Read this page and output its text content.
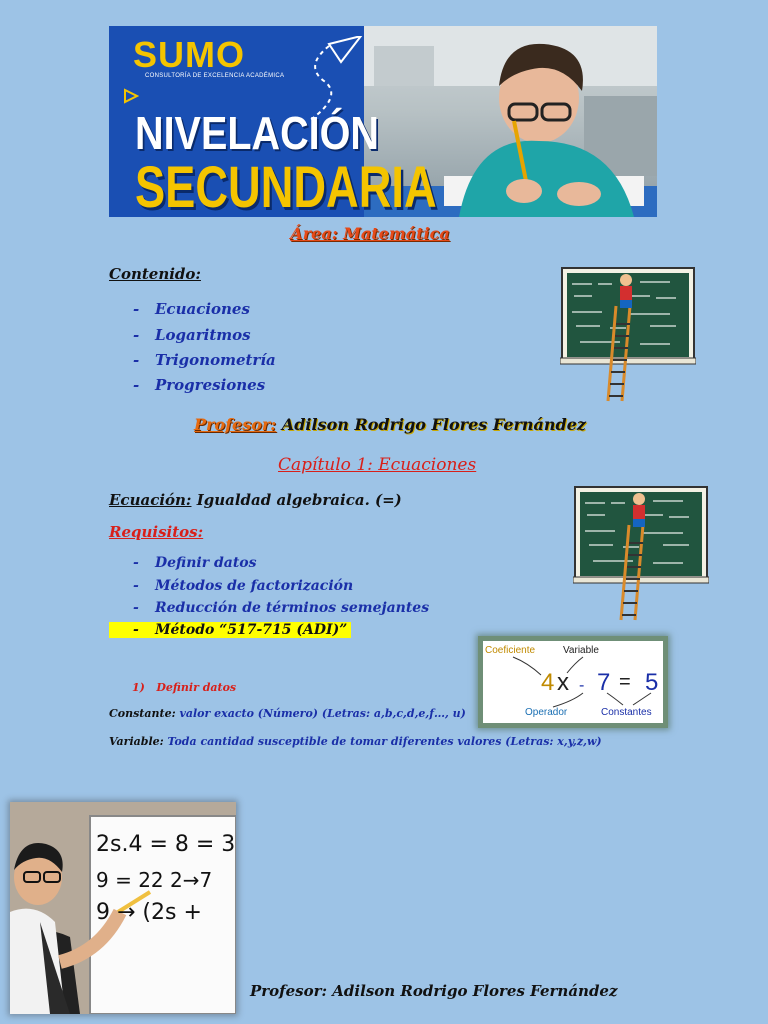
SUMO
CONSULTORÍA DE EXCELENCIA ACADÉMICA
NIVELACIÓN
SECUNDARIA
Área: Matemática
Contenido:
- Ecuaciones
- Logaritmos
- Trigonometría
- Progresiones
Profesor: Adilson Rodrigo Flores Fernández
Capítulo 1: Ecuaciones
Ecuación: Igualdad algebraica. (=)
Requisitos:
- Definir datos
- Métodos de factorización
- Reducción de términos semejantes
- Método “517-715 (ADI)”
Coeficiente	Variable
4 x - 7 = 5
Operador	Constantes
1) Definir datos
Constante: valor exacto (Número) (Letras: a,b,c,d,e,f…, u)
Variable: Toda cantidad susceptible de tomar diferentes valores (Letras: x,y,z,w)
2s.4 = 8 = 3
9 = 22 2→7
9 → (2s +
Profesor: Adilson Rodrigo Flores Fernández
